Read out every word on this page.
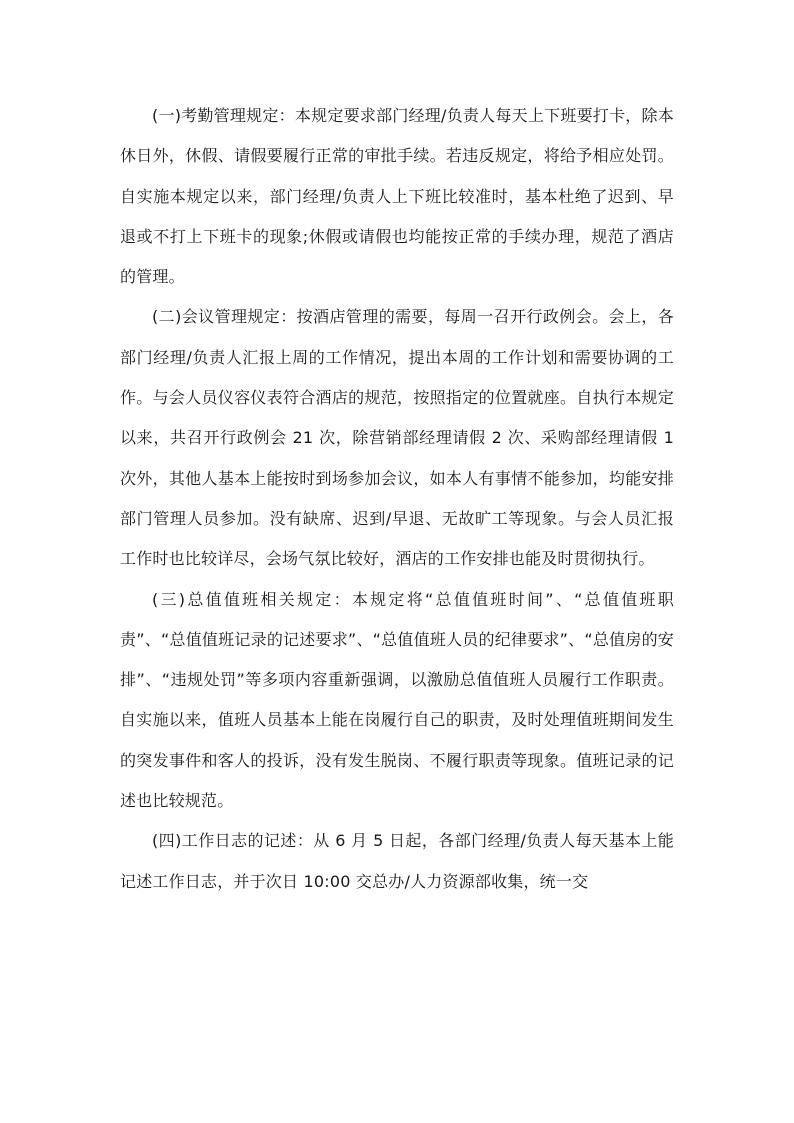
(一)考勤管理规定：本规定要求部门经理/负责人每天上下班要打卡，除本休日外，休假、请假要履行正常的审批手续。若违反规定，将给予相应处罚。自实施本规定以来，部门经理/负责人上下班比较准时，基本杜绝了迟到、早退或不打上下班卡的现象;休假或请假也均能按正常的手续办理，规范了酒店的管理。

(二)会议管理规定：按酒店管理的需要，每周一召开行政例会。会上，各部门经理/负责人汇报上周的工作情况，提出本周的工作计划和需要协调的工作。与会人员仪容仪表符合酒店的规范，按照指定的位置就座。自执行本规定以来，共召开行政例会 21 次，除营销部经理请假 2 次、采购部经理请假 1 次外，其他人基本上能按时到场参加会议，如本人有事情不能参加，均能安排部门管理人员参加。没有缺席、迟到/早退、无故旷工等现象。与会人员汇报工作时也比较详尽，会场气氛比较好，酒店的工作安排也能及时贯彻执行。

(三)总值值班相关规定：本规定将“总值值班时间”、“总值值班职责”、“总值值班记录的记述要求”、“总值值班人员的纪律要求”、“总值房的安排”、“违规处罚”等多项内容重新强调，以激励总值值班人员履行工作职责。自实施以来，值班人员基本上能在岗履行自己的职责，及时处理值班期间发生的突发事件和客人的投诉，没有发生脱岗、不履行职责等现象。值班记录的记述也比较规范。

(四)工作日志的记述：从 6 月 5 日起，各部门经理/负责人每天基本上能记述工作日志，并于次日 10:00 交总办/人力资源部收集，统一交
